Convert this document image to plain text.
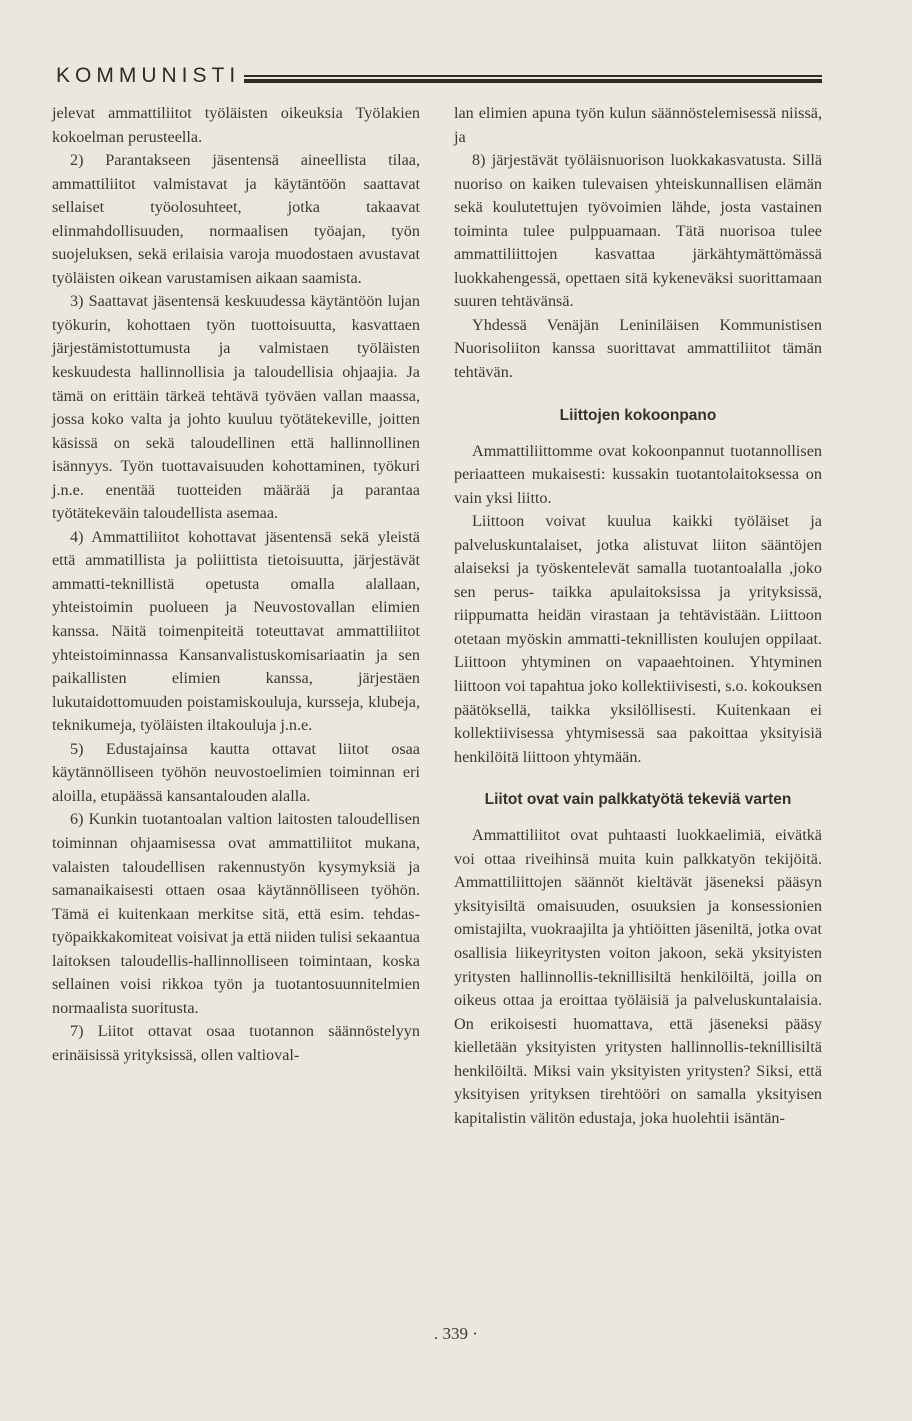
KOMMUNISTI

jelevat ammattiliitot työläisten oikeuksia Työlakien kokoelman perusteella.

2) Parantakseen jäsentensä aineellista tilaa, ammattiliitot valmistavat ja käytäntöön saattavat sellaiset työolosuhteet, jotka takaavat elinmahdollisuuden, normaalisen työajan, työn suojeluksen, sekä erilaisia varoja muodostaen avustavat työläisten oikean varustamisen aikaan saamista.

3) Saattavat jäsentensä keskuudessa käytäntöön lujan työkurin, kohottaen työn tuottoisuutta, kasvattaen järjestämistottumusta ja valmistaen työläisten keskuudesta hallinnollisia ja taloudellisia ohjaajia. Ja tämä on erittäin tärkeä tehtävä työväen vallan maassa, jossa koko valta ja johto kuuluu työtätekeville, joitten käsissä on sekä taloudellinen että hallinnollinen isännyys. Työn tuottavaisuuden kohottaminen, työkuri j.n.e. enentää tuotteiden määrää ja parantaa työtätekeväin taloudellista asemaa.

4) Ammattiliitot kohottavat jäsentensä sekä yleistä että ammatillista ja poliittista tietoisuutta, järjestävät ammatti-teknillistä opetusta omalla alallaan, yhteistoimin puolueen ja Neuvostovallan elimien kanssa. Näitä toimenpiteitä toteuttavat ammattiliitot yhteistoiminnassa Kansanvalistuskomisariaatin ja sen paikallisten elimien kanssa, järjestäen lukutaidottomuuden poistamiskouluja, kursseja, klubeja, teknikumeja, työläisten iltakouluja j.n.e.

5) Edustajainsa kautta ottavat liitot osaa käytännölliseen työhön neuvostoelimien toiminnan eri aloilla, etupäässä kansantalouden alalla.

6) Kunkin tuotantoalan valtion laitosten taloudellisen toiminnan ohjaamisessa ovat ammattiliitot mukana, valaisten taloudellisen rakennustyön kysymyksiä ja samanaikaisesti ottaen osaa käytännölliseen työhön. Tämä ei kuitenkaan merkitse sitä, että esim. tehdas-työpaikkakomiteat voisivat ja että niiden tulisi sekaantua laitoksen taloudellis-hallinnolliseen toimintaan, koska sellainen voisi rikkoa työn ja tuotantosuunnitelmien normaalista suoritusta.

7) Liitot ottavat osaa tuotannon säännöstelyyn erinäisissä yrityksissä, ollen valtioval-

lan elimien apuna työn kulun säännöstelemisessä niissä, ja

8) järjestävät työläisnuorison luokkakasvatusta. Sillä nuoriso on kaiken tulevaisen yhteiskunnallisen elämän sekä koulutettujen työvoimien lähde, josta vastainen toiminta tulee pulppuamaan. Tätä nuorisoa tulee ammattiliittojen kasvattaa järkähtymättömässä luokkahengessä, opettaen sitä kykeneväksi suorittamaan suuren tehtävänsä.

Yhdessä Venäjän Leniniläisen Kommunistisen Nuorisoliiton kanssa suorittavat ammattiliitot tämän tehtävän.

Liittojen kokoonpano

Ammattiliittomme ovat kokoonpannut tuotannollisen periaatteen mukaisesti: kussakin tuotantolaitoksessa on vain yksi liitto.

Liittoon voivat kuulua kaikki työläiset ja palveluskuntalaiset, jotka alistuvat liiton sääntöjen alaiseksi ja työskentelevät samalla tuotantoalalla ,joko sen perus- taikka apulaitoksissa ja yrityksissä, riippumatta heidän virastaan ja tehtävistään. Liittoon otetaan myöskin ammatti-teknillisten koulujen oppilaat. Liittoon yhtyminen on vapaaehtoinen. Yhtyminen liittoon voi tapahtua joko kollektiivisesti, s.o. kokouksen päätöksellä, taikka yksilöllisesti. Kuitenkaan ei kollektiivisessa yhtymisessä saa pakoittaa yksityisiä henkilöitä liittoon yhtymään.

Liitot ovat vain palkkatyötä tekeviä varten

Ammattiliitot ovat puhtaasti luokkaelimiä, eivätkä voi ottaa riveihinsä muita kuin palkkatyön tekijöitä. Ammattiliittojen säännöt kieltävät jäseneksi pääsyn yksityisiltä omaisuuden, osuuksien ja konsessionien omistajilta, vuokraajilta ja yhtiöitten jäseniltä, jotka ovat osallisia liikeyritysten voiton jakoon, sekä yksityisten yritysten hallinnollis-teknillisiltä henkilöiltä, joilla on oikeus ottaa ja eroittaa työläisiä ja palveluskuntalaisia. On erikoisesti huomattava, että jäseneksi pääsy kielletään yksityisten yritysten hallinnollis-teknillisiltä henkilöiltä. Miksi vain yksityisten yritysten? Siksi, että yksityisen yrityksen tirehtööri on samalla yksityisen kapitalistin välitön edustaja, joka huolehtii isäntän-

. 339 ·
